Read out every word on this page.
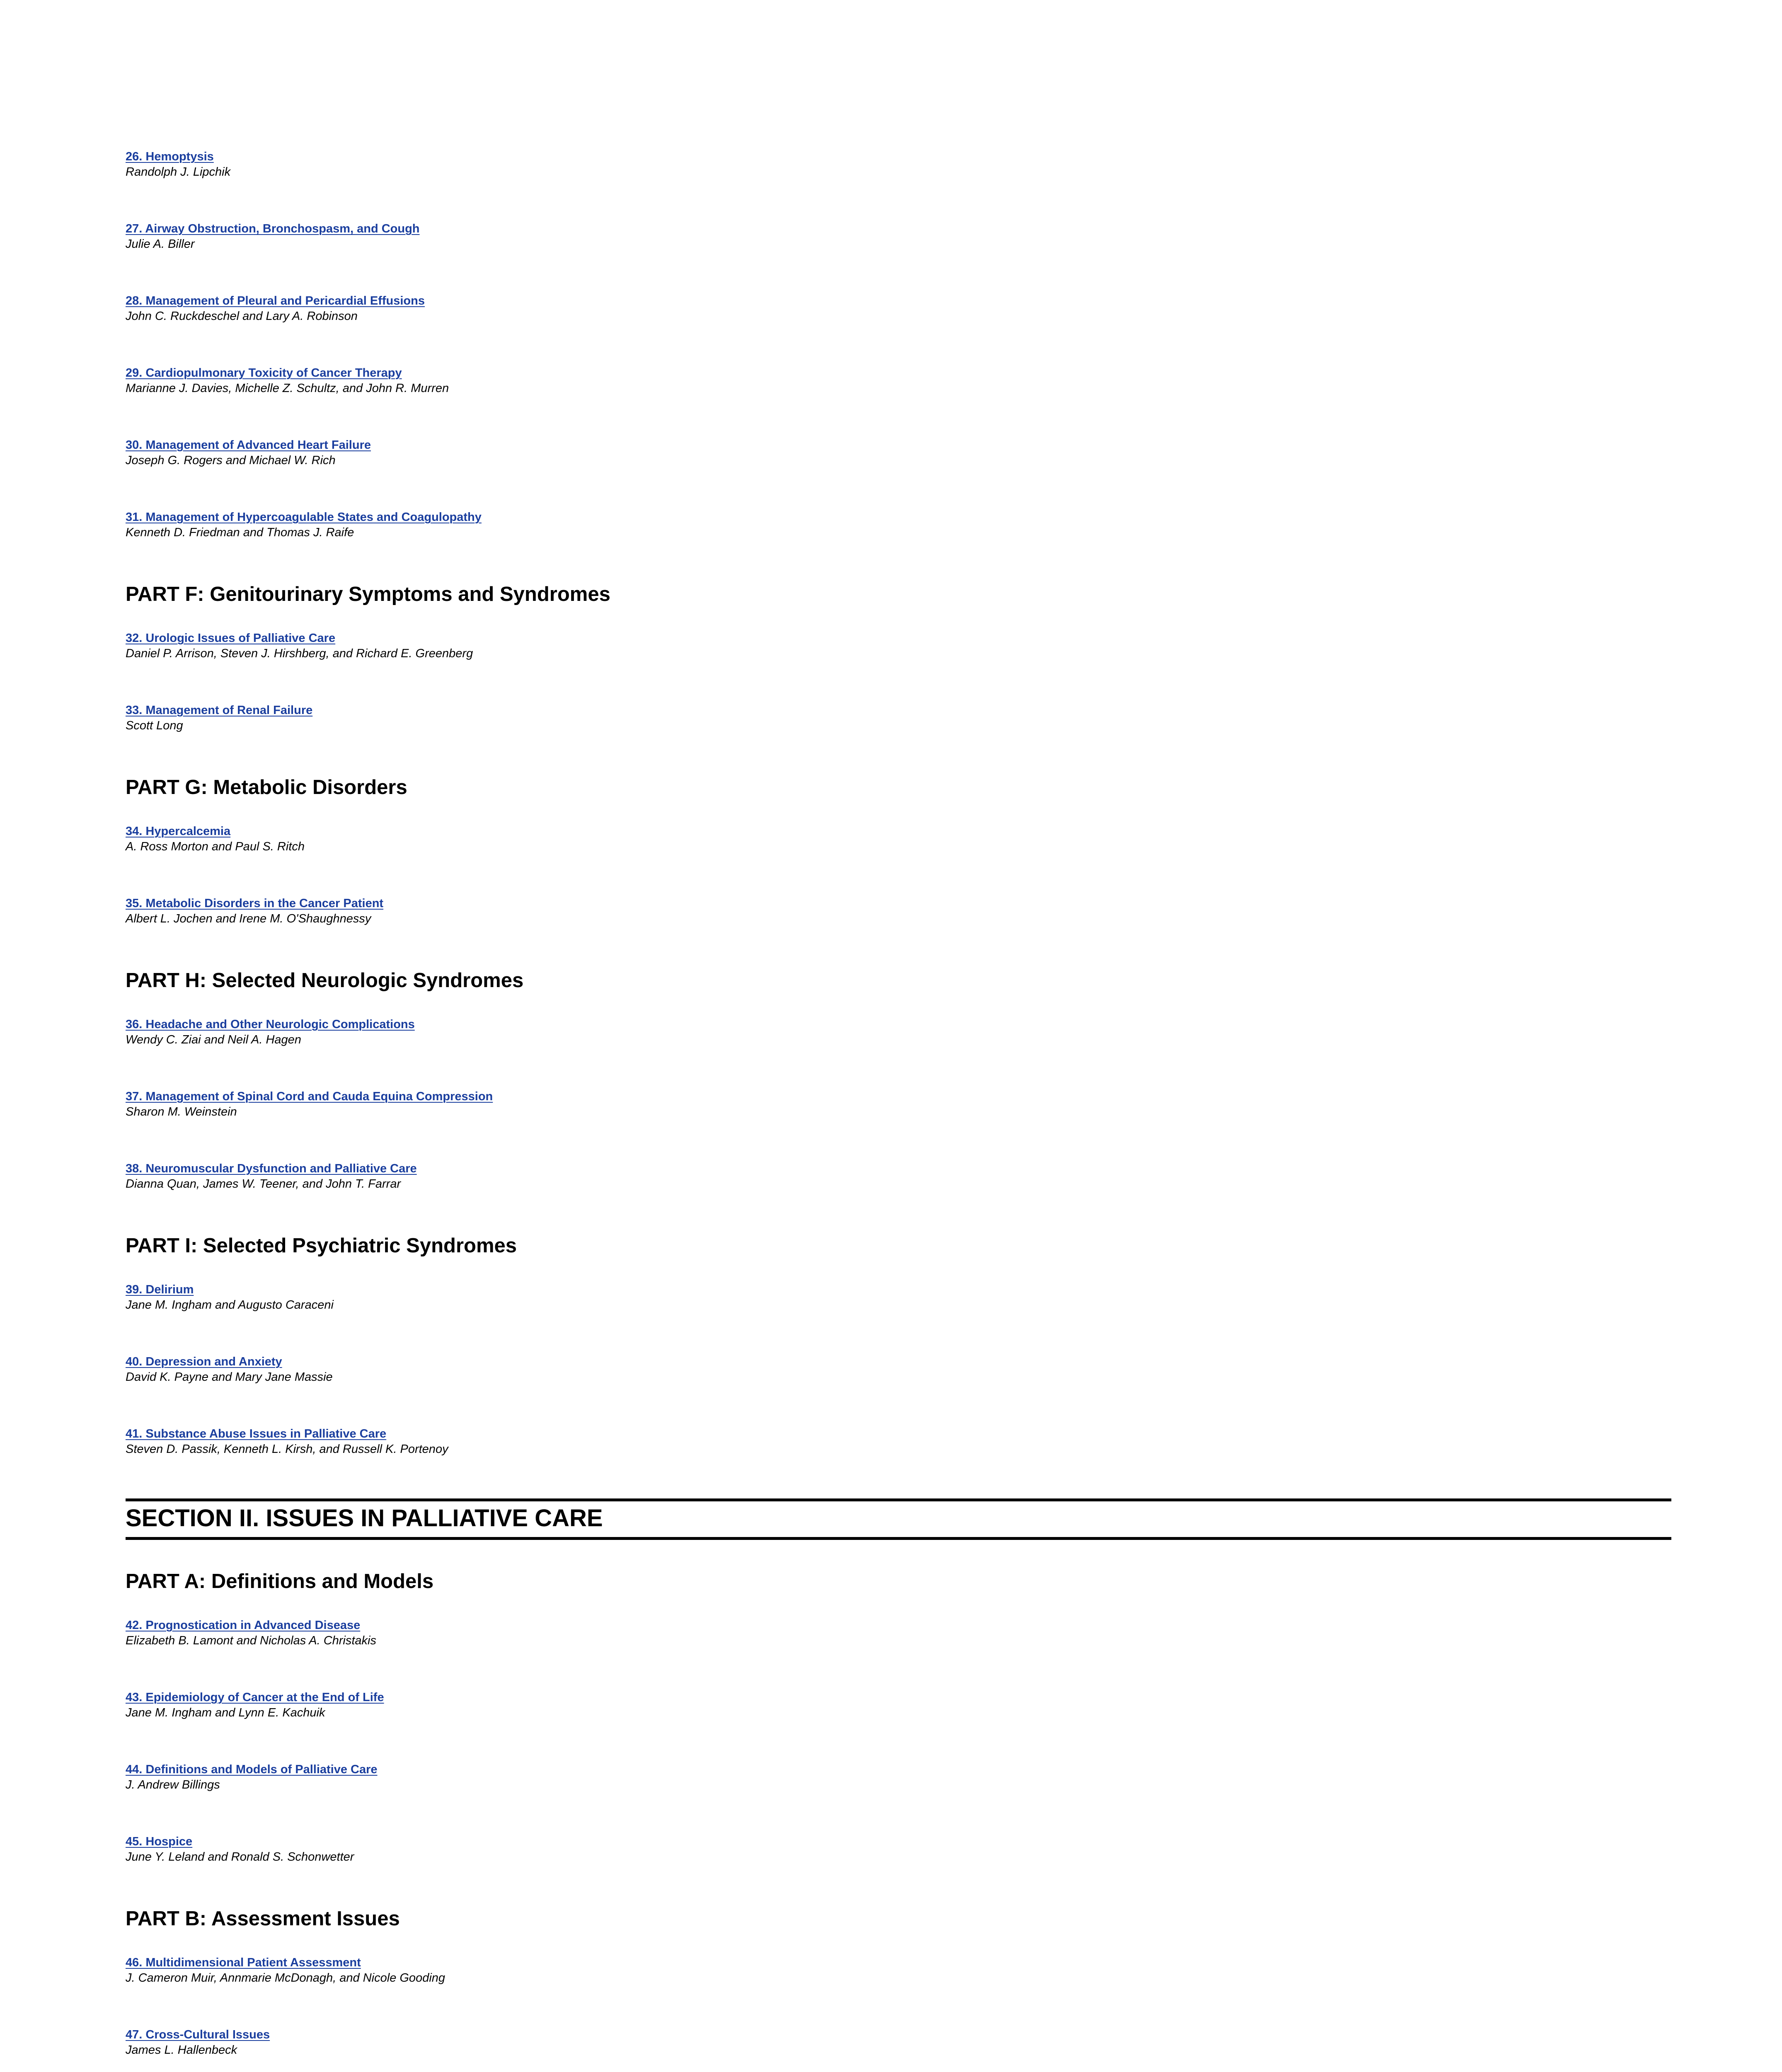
26. Hemoptysis
Randolph J. Lipchik
27. Airway Obstruction, Bronchospasm, and Cough
Julie A. Biller
28. Management of Pleural and Pericardial Effusions
John C. Ruckdeschel and Lary A. Robinson
29. Cardiopulmonary Toxicity of Cancer Therapy
Marianne J. Davies, Michelle Z. Schultz, and John R. Murren
30. Management of Advanced Heart Failure
Joseph G. Rogers and Michael W. Rich
31. Management of Hypercoagulable States and Coagulopathy
Kenneth D. Friedman and Thomas J. Raife
PART F: Genitourinary Symptoms and Syndromes
32. Urologic Issues of Palliative Care
Daniel P. Arrison, Steven J. Hirshberg, and Richard E. Greenberg
33. Management of Renal Failure
Scott Long
PART G: Metabolic Disorders
34. Hypercalcemia
A. Ross Morton and Paul S. Ritch
35. Metabolic Disorders in the Cancer Patient
Albert L. Jochen and Irene M. O'Shaughnessy
PART H: Selected Neurologic Syndromes
36. Headache and Other Neurologic Complications
Wendy C. Ziai and Neil A. Hagen
37. Management of Spinal Cord and Cauda Equina Compression
Sharon M. Weinstein
38. Neuromuscular Dysfunction and Palliative Care
Dianna Quan, James W. Teener, and John T. Farrar
PART I: Selected Psychiatric Syndromes
39. Delirium
Jane M. Ingham and Augusto Caraceni
40. Depression and Anxiety
David K. Payne and Mary Jane Massie
41. Substance Abuse Issues in Palliative Care
Steven D. Passik, Kenneth L. Kirsh, and Russell K. Portenoy
SECTION II. ISSUES IN PALLIATIVE CARE
PART A: Definitions and Models
42. Prognostication in Advanced Disease
Elizabeth B. Lamont and Nicholas A. Christakis
43. Epidemiology of Cancer at the End of Life
Jane M. Ingham and Lynn E. Kachuik
44. Definitions and Models of Palliative Care
J. Andrew Billings
45. Hospice
June Y. Leland and Ronald S. Schonwetter
PART B: Assessment Issues
46. Multidimensional Patient Assessment
J. Cameron Muir, Annmarie McDonagh, and Nicole Gooding
47. Cross-Cultural Issues
James L. Hallenbeck
